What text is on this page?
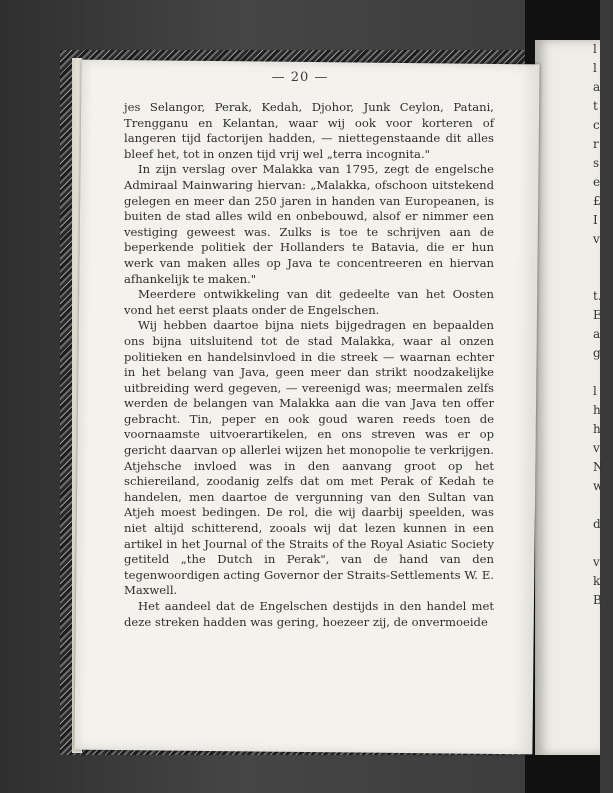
l
l
a
t
c
r
s
e
£
I
v

t.
E
a
g

l
h
h
v
N
w

d

v
k
B
— 20 —

jes Selangor, Perak, Kedah, Djohor, Junk Ceylon, Patani, Trengganu en Kelantan, waar wij ook voor korteren of langeren tijd factorijen hadden, — niettegenstaande dit alles bleef het, tot in onzen tijd vrij wel „terra incognita."

In zijn verslag over Malakka van 1795, zegt de engelsche Admiraal Mainwaring hiervan: „Malakka, ofschoon uitstekend gelegen en meer dan 250 jaren in handen van Europeanen, is buiten de stad alles wild en onbebouwd, alsof er nimmer een vestiging geweest was. Zulks is toe te schrijven aan de beperkende politiek der Hollanders te Batavia, die er hun werk van maken alles op Java te concentreeren en hiervan afhankelijk te maken."

Meerdere ontwikkeling van dit gedeelte van het Oosten vond het eerst plaats onder de Engelschen.

Wij hebben daartoe bijna niets bijgedragen en bepaalden ons bijna uitsluitend tot de stad Malakka, waar al onzen politieken en handelsinvloed in die streek — waarnan echter in het belang van Java, geen meer dan strikt noodzakelijke uitbreiding werd gegeven, — vereenigd was; meermalen zelfs werden de belangen van Malakka aan die van Java ten offer gebracht. Tin, peper en ook goud waren reeds toen de voornaamste uitvoerartikelen, en ons streven was er op gericht daarvan op allerlei wijzen het monopolie te verkrijgen. Atjehsche invloed was in den aanvang groot op het schiereiland, zoodanig zelfs dat om met Perak of Kedah te handelen, men daartoe de vergunning van den Sultan van Atjeh moest bedingen. De rol, die wij daarbij speelden, was niet altijd schitterend, zooals wij dat lezen kunnen in een artikel in het Journal of the Straits of the Royal Asiatic Society getiteld „the Dutch in Perak", van de hand van den tegenwoordigen acting Governor der Straits-Settlements W. E. Maxwell.

Het aandeel dat de Engelschen destijds in den handel met deze streken hadden was gering, hoezeer zij, de onvermoeide
